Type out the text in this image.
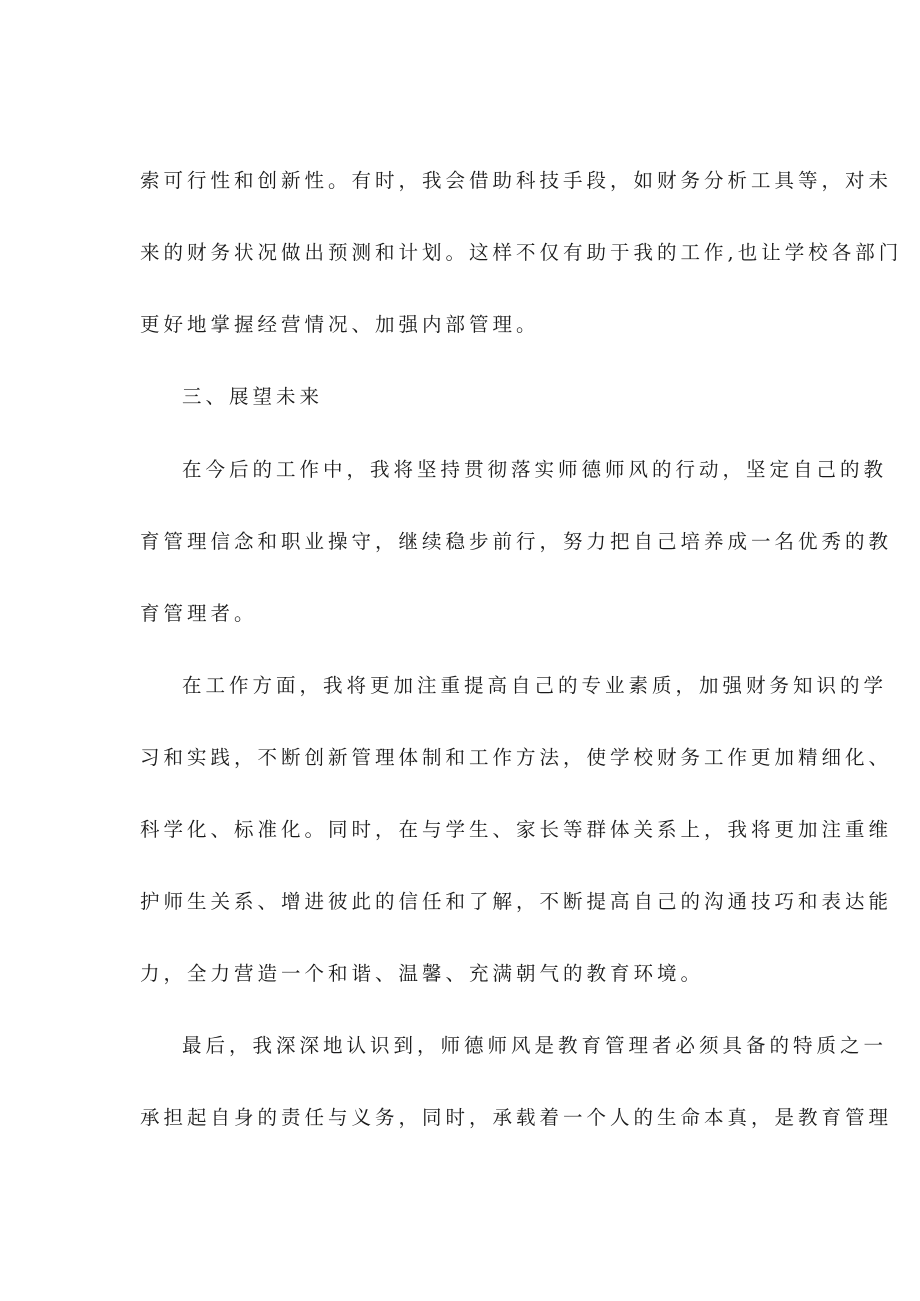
索可行性和创新性。有时，我会借助科技手段，如财务分析工具等，对未
来的财务状况做出预测和计划。这样不仅有助于我的工作,也让学校各部门
更好地掌握经营情况、加强内部管理。
三、展望未来
在今后的工作中，我将坚持贯彻落实师德师风的行动，坚定自己的教
育管理信念和职业操守，继续稳步前行，努力把自己培养成一名优秀的教
育管理者。
在工作方面，我将更加注重提高自己的专业素质，加强财务知识的学
习和实践，不断创新管理体制和工作方法，使学校财务工作更加精细化、
科学化、标准化。同时，在与学生、家长等群体关系上，我将更加注重维
护师生关系、增进彼此的信任和了解，不断提高自己的沟通技巧和表达能
力，全力营造一个和谐、温馨、充满朝气的教育环境。
最后，我深深地认识到，师德师风是教育管理者必须具备的特质之一
承担起自身的责任与义务，同时，承载着一个人的生命本真，是教育管理
